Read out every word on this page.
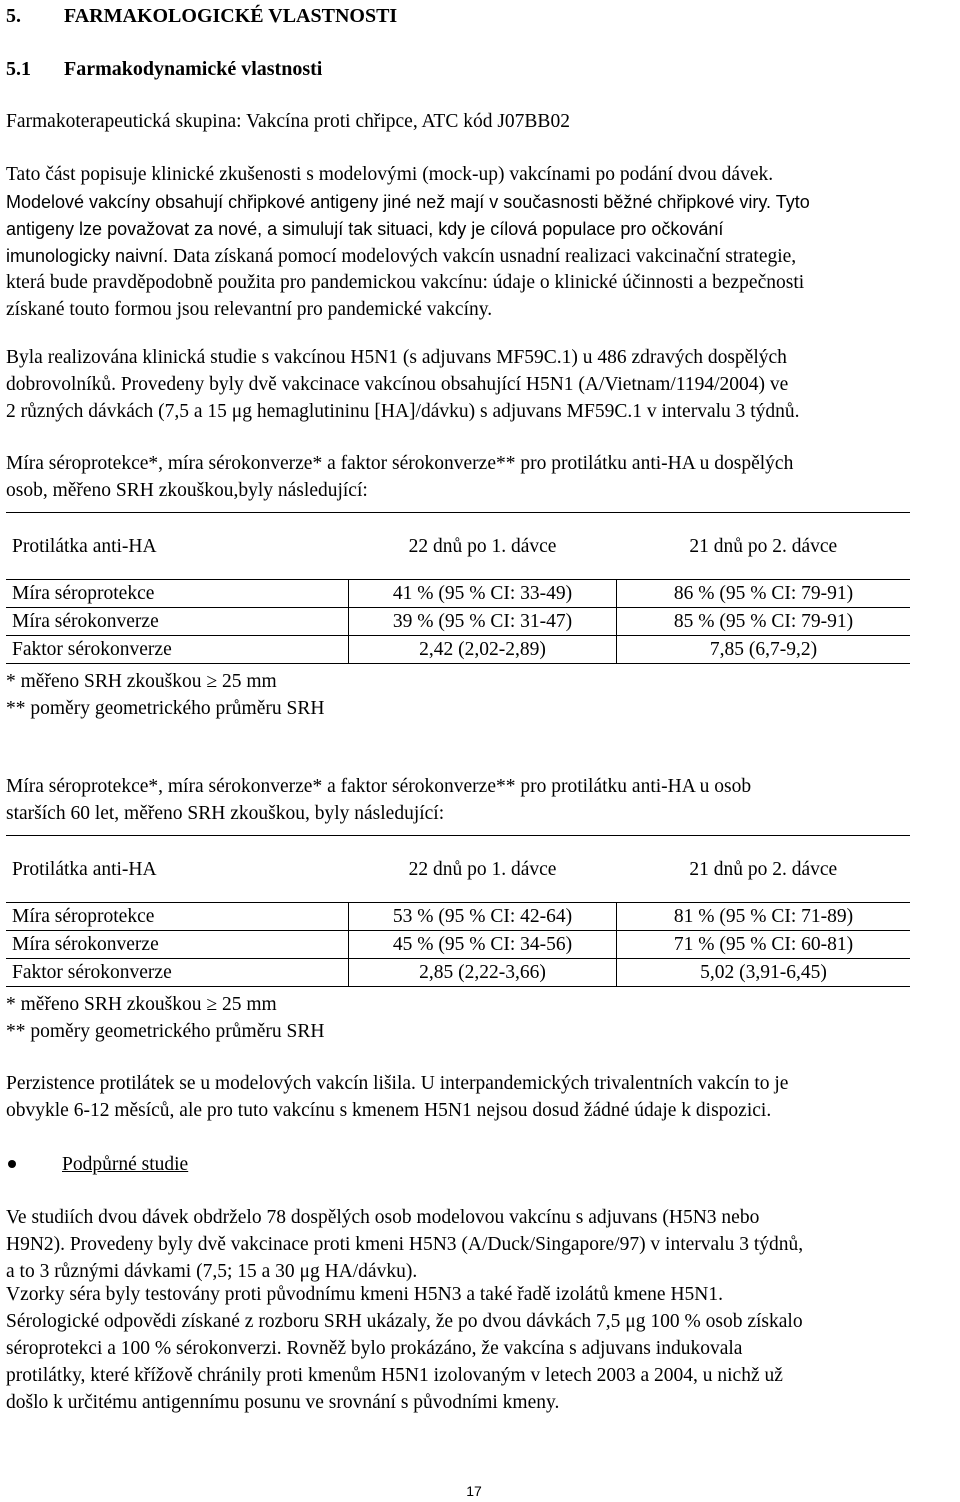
5. FARMAKOLOGICKÉ VLASTNOSTI
5.1 Farmakodynamické vlastnosti
Farmakoterapeutická skupina: Vakcína proti chřipce, ATC kód J07BB02
Tato část popisuje klinické zkušenosti s modelovými (mock-up) vakcínami po podání dvou dávek.
Modelové vakcíny obsahují chřipkové antigeny jiné než mají v současnosti běžné chřipkové viry. Tyto
antigeny lze považovat za nové, a simulují tak situaci, kdy je cílová populace pro očkování
imunologicky naivní. Data získaná pomocí modelových vakcín usnadní realizaci vakcinační strategie,
která bude pravděpodobně použita pro pandemickou vakcínu: údaje o klinické účinnosti a bezpečnosti
získané touto formou jsou relevantní pro pandemické vakcíny.
Byla realizována klinická studie s vakcínou H5N1 (s adjuvans MF59C.1) u 486 zdravých dospělých
dobrovolníků. Provedeny byly dvě vakcinace vakcínou obsahující H5N1 (A/Vietnam/1194/2004) ve
2 různých dávkách (7,5 a 15 μg hemaglutininu [HA]/dávku) s adjuvans MF59C.1 v intervalu 3 týdnů.
Míra séroprotekce*, míra sérokonverze* a faktor sérokonverze** pro protilátku anti-HA u dospělých
osob, měřeno SRH zkouškou,byly následující:
Protilátka anti-HA	22 dnů po 1. dávce	21 dnů po 2. dávce
Míra séroprotekce	41 % (95 % CI: 33-49)	86 % (95 % CI: 79-91)
Míra sérokonverze	39 % (95 % CI: 31-47)	85 % (95 % CI: 79-91)
Faktor sérokonverze	2,42 (2,02-2,89)	7,85 (6,7-9,2)
* měřeno SRH zkouškou ≥ 25 mm
** poměry geometrického průměru SRH
Míra séroprotekce*, míra sérokonverze* a faktor sérokonverze** pro protilátku anti-HA u osob
starších 60 let, měřeno SRH zkouškou, byly následující:
Protilátka anti-HA	22 dnů po 1. dávce	21 dnů po 2. dávce
Míra séroprotekce	53 % (95 % CI: 42-64)	81 % (95 % CI: 71-89)
Míra sérokonverze	45 % (95 % CI: 34-56)	71 % (95 % CI: 60-81)
Faktor sérokonverze	2,85 (2,22-3,66)	5,02 (3,91-6,45)
* měřeno SRH zkouškou ≥ 25 mm
** poměry geometrického průměru SRH
Perzistence protilátek se u modelových vakcín lišila. U interpandemických trivalentních vakcín to je
obvykle 6-12 měsíců, ale pro tuto vakcínu s kmenem H5N1 nejsou dosud žádné údaje k dispozici.
Podpůrné studie
Ve studiích dvou dávek obdrželo 78 dospělých osob modelovou vakcínu s adjuvans (H5N3 nebo
H9N2). Provedeny byly dvě vakcinace proti kmeni H5N3 (A/Duck/Singapore/97) v intervalu 3 týdnů,
a to 3 různými dávkami (7,5; 15 a 30 μg HA/dávku).
Vzorky séra byly testovány proti původnímu kmeni H5N3 a také řadě izolátů kmene H5N1.
Sérologické odpovědi získané z rozboru SRH ukázaly, že po dvou dávkách 7,5 μg 100 % osob získalo
séroprotekci a 100 % sérokonverzi. Rovněž bylo prokázáno, že vakcína s adjuvans indukovala
protilátky, které křížově chránily proti kmenům H5N1 izolovaným v letech 2003 a 2004, u nichž už
došlo k určitému antigennímu posunu ve srovnání s původními kmeny.
17
